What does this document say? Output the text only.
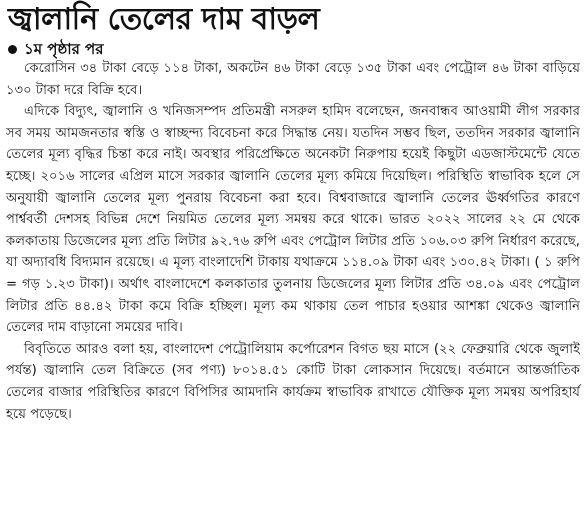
জ্বালানি তেলের দাম বাড়ল
১ম পৃষ্ঠার পর

কেরোসিন ৩৪ টাকা বেড়ে ১১৪ টাকা, অকটেন ৪৬ টাকা বেড়ে ১৩৫ টাকা এবং পেট্রোল ৪৬ টাকা বাড়িয়ে ১৩০ টাকা দরে বিক্রি হবে।

এদিকে বিদ্যুৎ, জ্বালানি ও খনিজসম্পদ প্রতিমন্ত্রী নসরুল হামিদ বলেছেন, জনবান্ধব আওয়ামী লীগ সরকার সব সময় আমজনতার স্বস্তি ও স্বাচ্ছন্দ্য বিবেচনা করে সিদ্ধান্ত নেয়। যতদিন সম্ভব ছিল, ততদিন সরকার জ্বালানি তেলের মূল্য বৃদ্ধির চিন্তা করে নাই। অবস্থার পরিপ্রেক্ষিতে অনেকটা নিরুপায় হয়েই কিছুটা এডজাস্টমেন্টে যেতে হচ্ছে। ২০১৬ সালের এপ্রিল মাসে সরকার জ্বালানি তেলের মূল্য কমিয়ে দিয়েছিল। পরিস্থিতি স্বাভাবিক হলে সে অনুযায়ী জ্বালানি তেলের মূল্য পুনরায় বিবেচনা করা হবে। বিশ্ববাজারে জ্বালানি তেলের ঊর্ধ্বগতির কারণে পার্শ্ববর্তী দেশসহ বিভিন্ন দেশে নিয়মিত তেলের মূল্য সমন্বয় করে থাকে। ভারত ২০২২ সালের ২২ মে থেকে কলকাতায় ডিজেলের মূল্য প্রতি লিটার ৯২.৭৬ রুপি এবং পেট্রোল লিটার প্রতি ১০৬.০৩ রুপি নির্ধারণ করেছে, যা অদ্যাবধি বিদ্যমান রয়েছে। এ মূল্য বাংলাদেশি টাকায় যথাক্রমে ১১৪.০৯ টাকা এবং ১৩০.৪২ টাকা। ( ১ রুপি = গড় ১.২৩ টাকা)। অর্থাৎ বাংলাদেশে কলকাতার তুলনায় ডিজেলের মূল্য লিটার প্রতি ৩৪.০৯ এবং পেট্রোল লিটার প্রতি ৪৪.৪২ টাকা কমে বিক্রি হচ্ছিল। মূল্য কম থাকায় তেল পাচার হওয়ার আশঙ্কা থেকেও জ্বালানি তেলের দাম বাড়ানো সময়ের দাবি।

বিবৃতিতে আরও বলা হয়, বাংলাদেশ পেট্রোলিয়াম কর্পোরেশন বিগত ছয় মাসে (২২ ফেব্রুয়ারি থেকে জুলাই পর্যন্ত) জ্বালানি তেল বিক্রিতে (সব পণ্য) ৮০১৪.৫১ কোটি টাকা লোকসান দিয়েছে। বর্তমানে আন্তর্জাতিক তেলের বাজার পরিস্থিতির কারণে বিপিসির আমদানি কার্যক্রম স্বাভাবিক রাখাতে যৌক্তিক মূল্য সমন্বয় অপরিহার্য হয়ে পড়েছে।
